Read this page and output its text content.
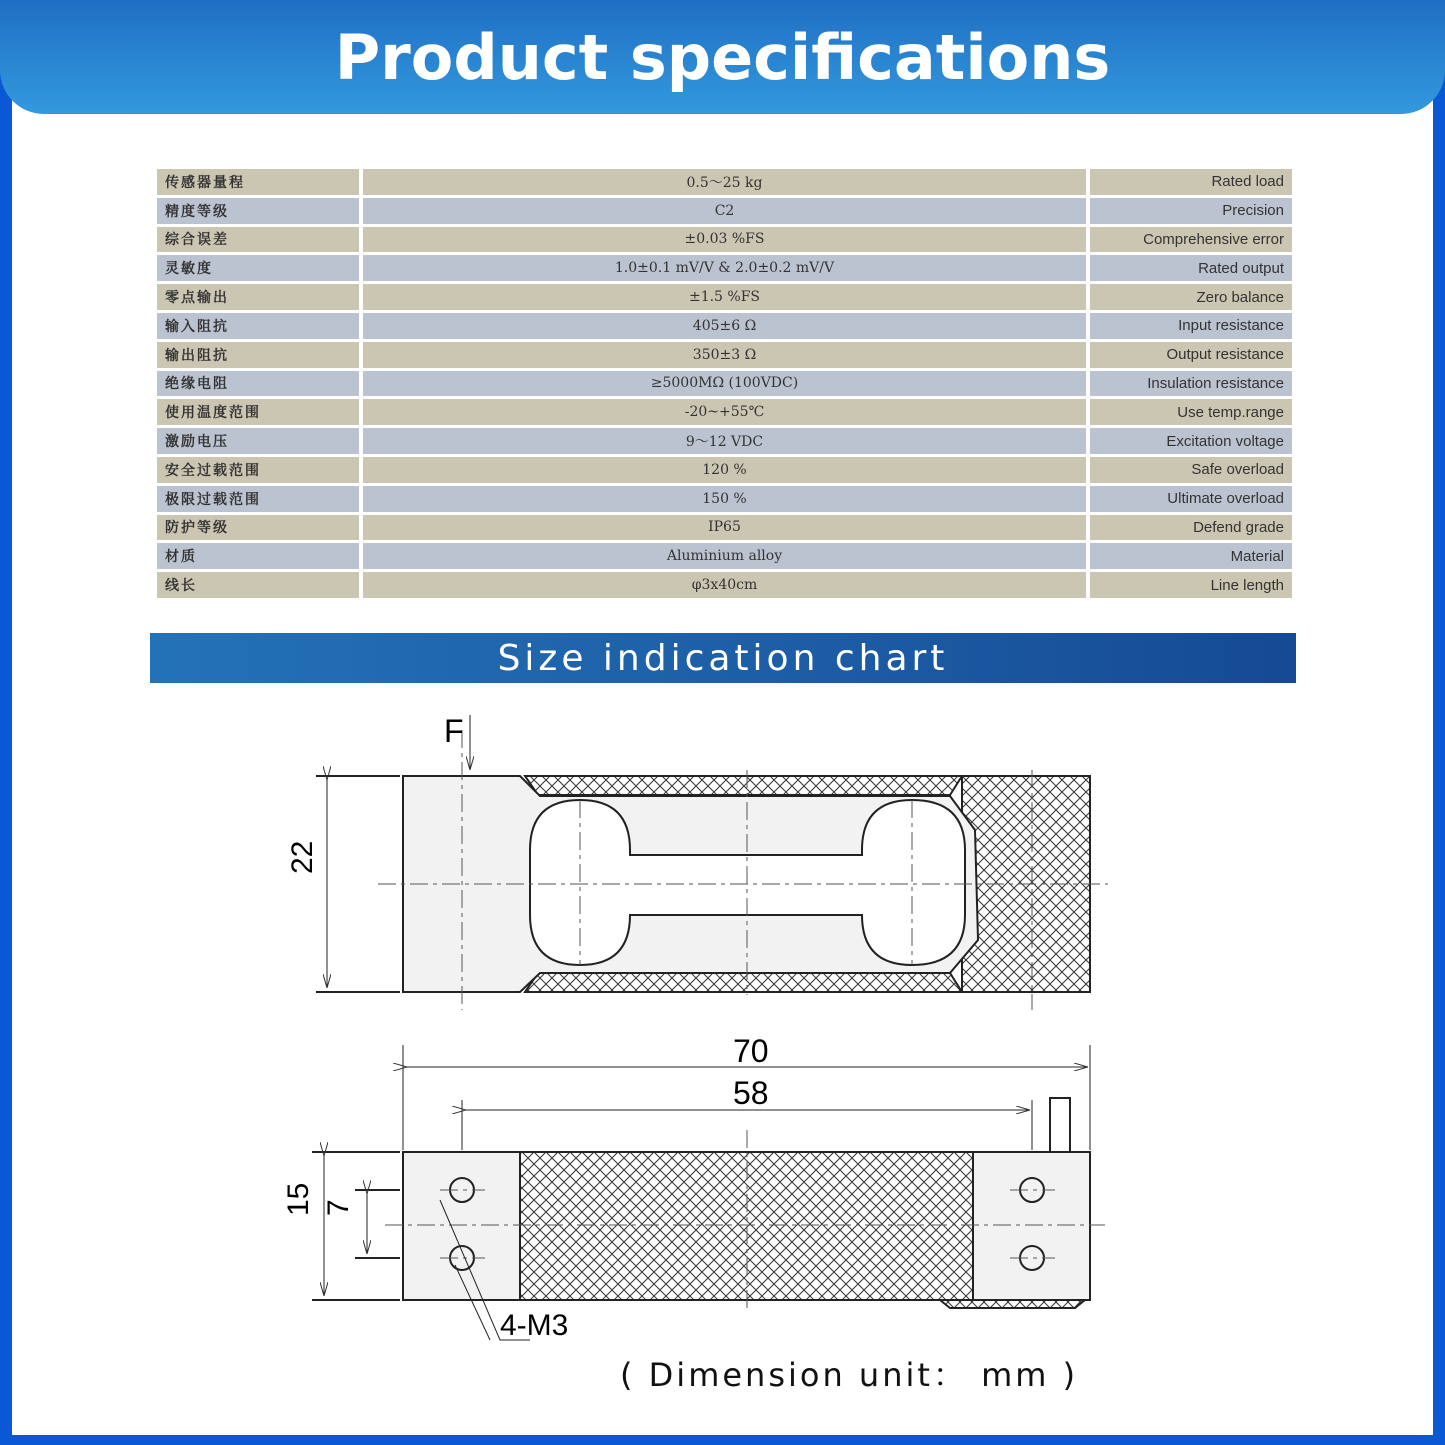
Product specifications
传感器量程	0.5～25 kg	Rated load
精度等级	C2	Precision
综合误差	±0.03 %FS	Comprehensive error
灵敏度	1.0±0.1 mV/V & 2.0±0.2 mV/V	Rated output
零点输出	±1.5 %FS	Zero balance
输入阻抗	405±6 Ω	Input resistance
输出阻抗	350±3 Ω	Output resistance
绝缘电阻	≥5000MΩ (100VDC)	Insulation resistance
使用温度范围	-20~+55℃	Use temp.range
激励电压	9～12 VDC	Excitation voltage
安全过载范围	120 %	Safe overload
极限过载范围	150 %	Ultimate overload
防护等级	IP65	Defend grade
材质	Aluminium alloy	Material
线长	φ3x40cm	Line length
Size indication chart
F
22
70
58
15 7
4-M3
( Dimension unit： mm )
